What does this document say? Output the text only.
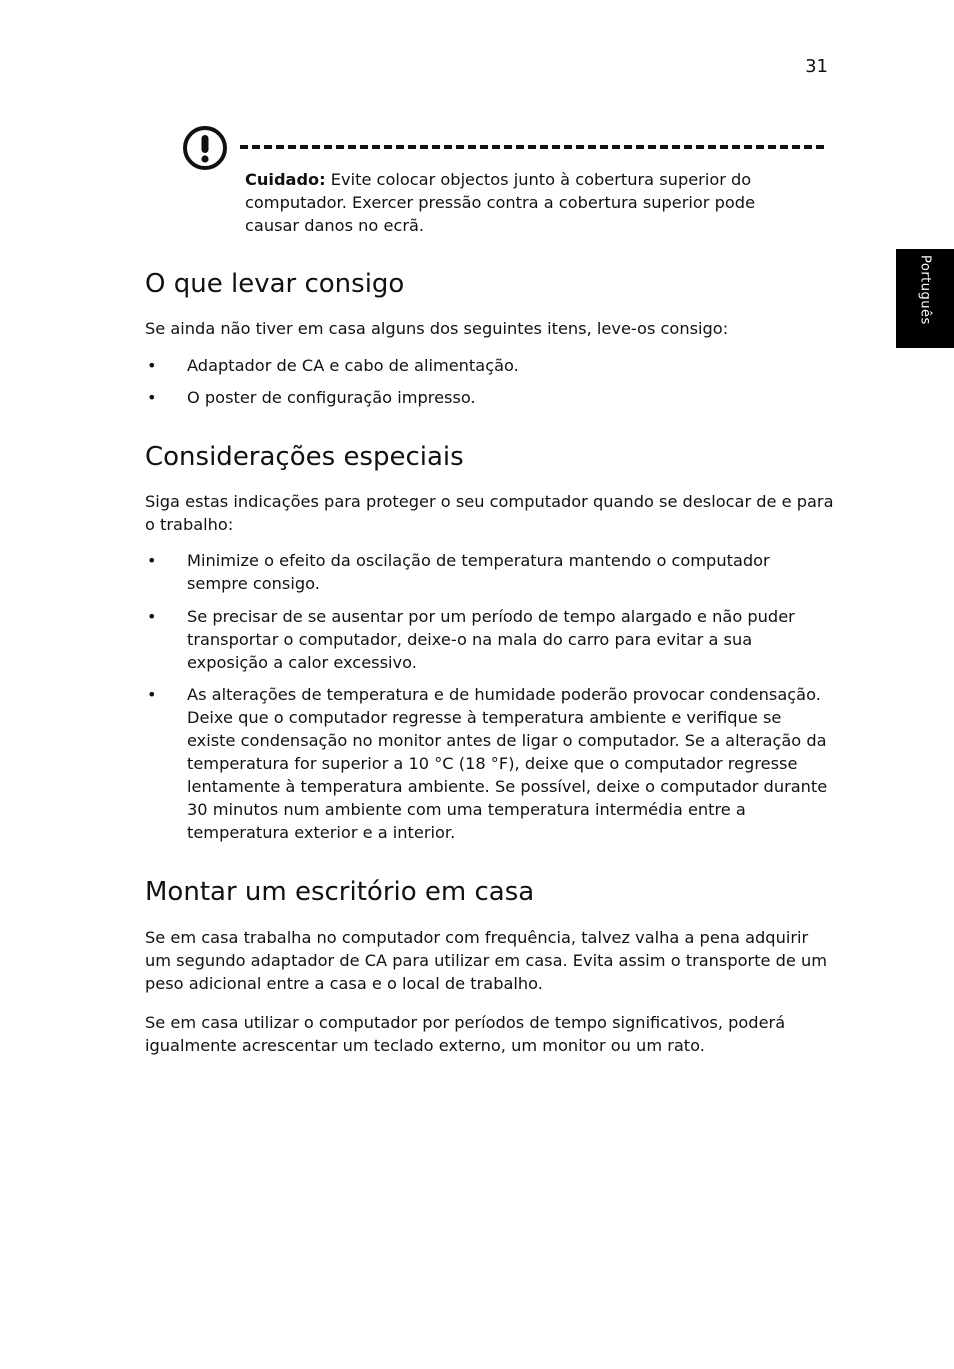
31
Português
Cuidado: Evite colocar objectos junto à cobertura superior do computador. Exercer pressão contra a cobertura superior pode causar danos no ecrã.
O que levar consigo

Se ainda não tiver em casa alguns dos seguintes itens, leve-os consigo:

• Adaptador de CA e cabo de alimentação.
• O poster de configuração impresso.
Considerações especiais

Siga estas indicações para proteger o seu computador quando se deslocar de e para o trabalho:

• Minimize o efeito da oscilação de temperatura mantendo o computador sempre consigo.
• Se precisar de se ausentar por um período de tempo alargado e não puder transportar o computador, deixe-o na mala do carro para evitar a sua exposição a calor excessivo.
• As alterações de temperatura e de humidade poderão provocar condensação. Deixe que o computador regresse à temperatura ambiente e verifique se existe condensação no monitor antes de ligar o computador. Se a alteração da temperatura for superior a 10 °C (18 °F), deixe que o computador regresse lentamente à temperatura ambiente. Se possível, deixe o computador durante 30 minutos num ambiente com uma temperatura intermédia entre a temperatura exterior e a interior.
Montar um escritório em casa

Se em casa trabalha no computador com frequência, talvez valha a pena adquirir um segundo adaptador de CA para utilizar em casa. Evita assim o transporte de um peso adicional entre a casa e o local de trabalho.

Se em casa utilizar o computador por períodos de tempo significativos, poderá igualmente acrescentar um teclado externo, um monitor ou um rato.
